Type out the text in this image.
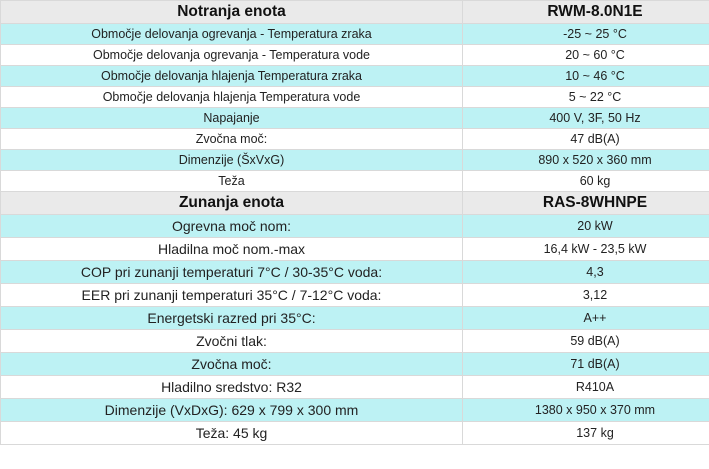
Notranja enota	RWM-8.0N1E
Območje delovanja ogrevanja - Temperatura zraka	-25 ~ 25 °C
Območje delovanja ogrevanja - Temperatura vode	20 ~ 60 °C
Območje delovanja hlajenja Temperatura zraka	10 ~ 46 °C
Območje delovanja hlajenja Temperatura vode	5 ~ 22 °C
Napajanje	400 V, 3F, 50 Hz
Zvočna moč:	47 dB(A)
Dimenzije (ŠxVxG)	890 x 520 x 360 mm
Teža	60 kg
Zunanja enota	RAS-8WHNPE
Ogrevna moč nom:	20 kW
Hladilna moč nom.-max	16,4 kW - 23,5 kW
COP pri zunanji temperaturi 7°C / 30-35°C voda:	4,3
EER pri zunanji temperaturi 35°C / 7-12°C voda:	3,12
Energetski razred pri 35°C:	A++
Zvočni tlak:	59 dB(A)
Zvočna moč:	71 dB(A)
Hladilno sredstvo: R32	R410A
Dimenzije (VxDxG): 629 x 799 x 300 mm	1380 x 950 x 370 mm
Teža: 45 kg	137 kg
